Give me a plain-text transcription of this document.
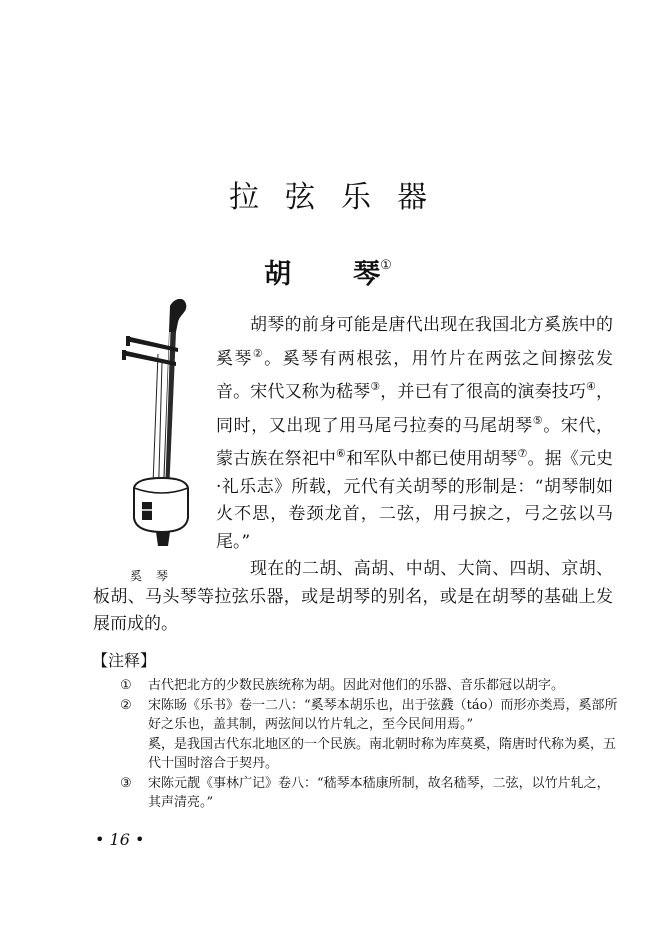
拉弦乐器
胡 琴①
奚琴

胡琴的前身可能是唐代出现在我国北方奚族中的奚琴②。奚琴有两根弦，用竹片在两弦之间擦弦发音。宋代又称为嵇琴③，并已有了很高的演奏技巧④，同时，又出现了用马尾弓拉奏的马尾胡琴⑤。宋代，蒙古族在祭祀中⑥和军队中都已使用胡琴⑦。据《元史·礼乐志》所载，元代有关胡琴的形制是：“胡琴制如火不思，卷颈龙首，二弦，用弓捩之，弓之弦以马尾。”

现在的二胡、高胡、中胡、大筒、四胡、京胡、板胡、马头琴等拉弦乐器，或是胡琴的别名，或是在胡琴的基础上发展而成的。

【注释】
①	古代把北方的少数民族统称为胡。因此对他们的乐器、音乐都冠以胡字。
②	宋陈旸《乐书》卷一二八：“奚琴本胡乐也，出于弦鼗（táo）而形亦类焉，奚部所好之乐也，盖其制，两弦间以竹片轧之，至今民间用焉。”
奚，是我国古代东北地区的一个民族。南北朝时称为库莫奚，隋唐时代称为奚，五代十国时溶合于契丹。
③	宋陈元靓《事林广记》卷八：“嵇琴本嵇康所制，故名嵇琴，二弦，以竹片轧之，其声清亮。”
• 16 •
